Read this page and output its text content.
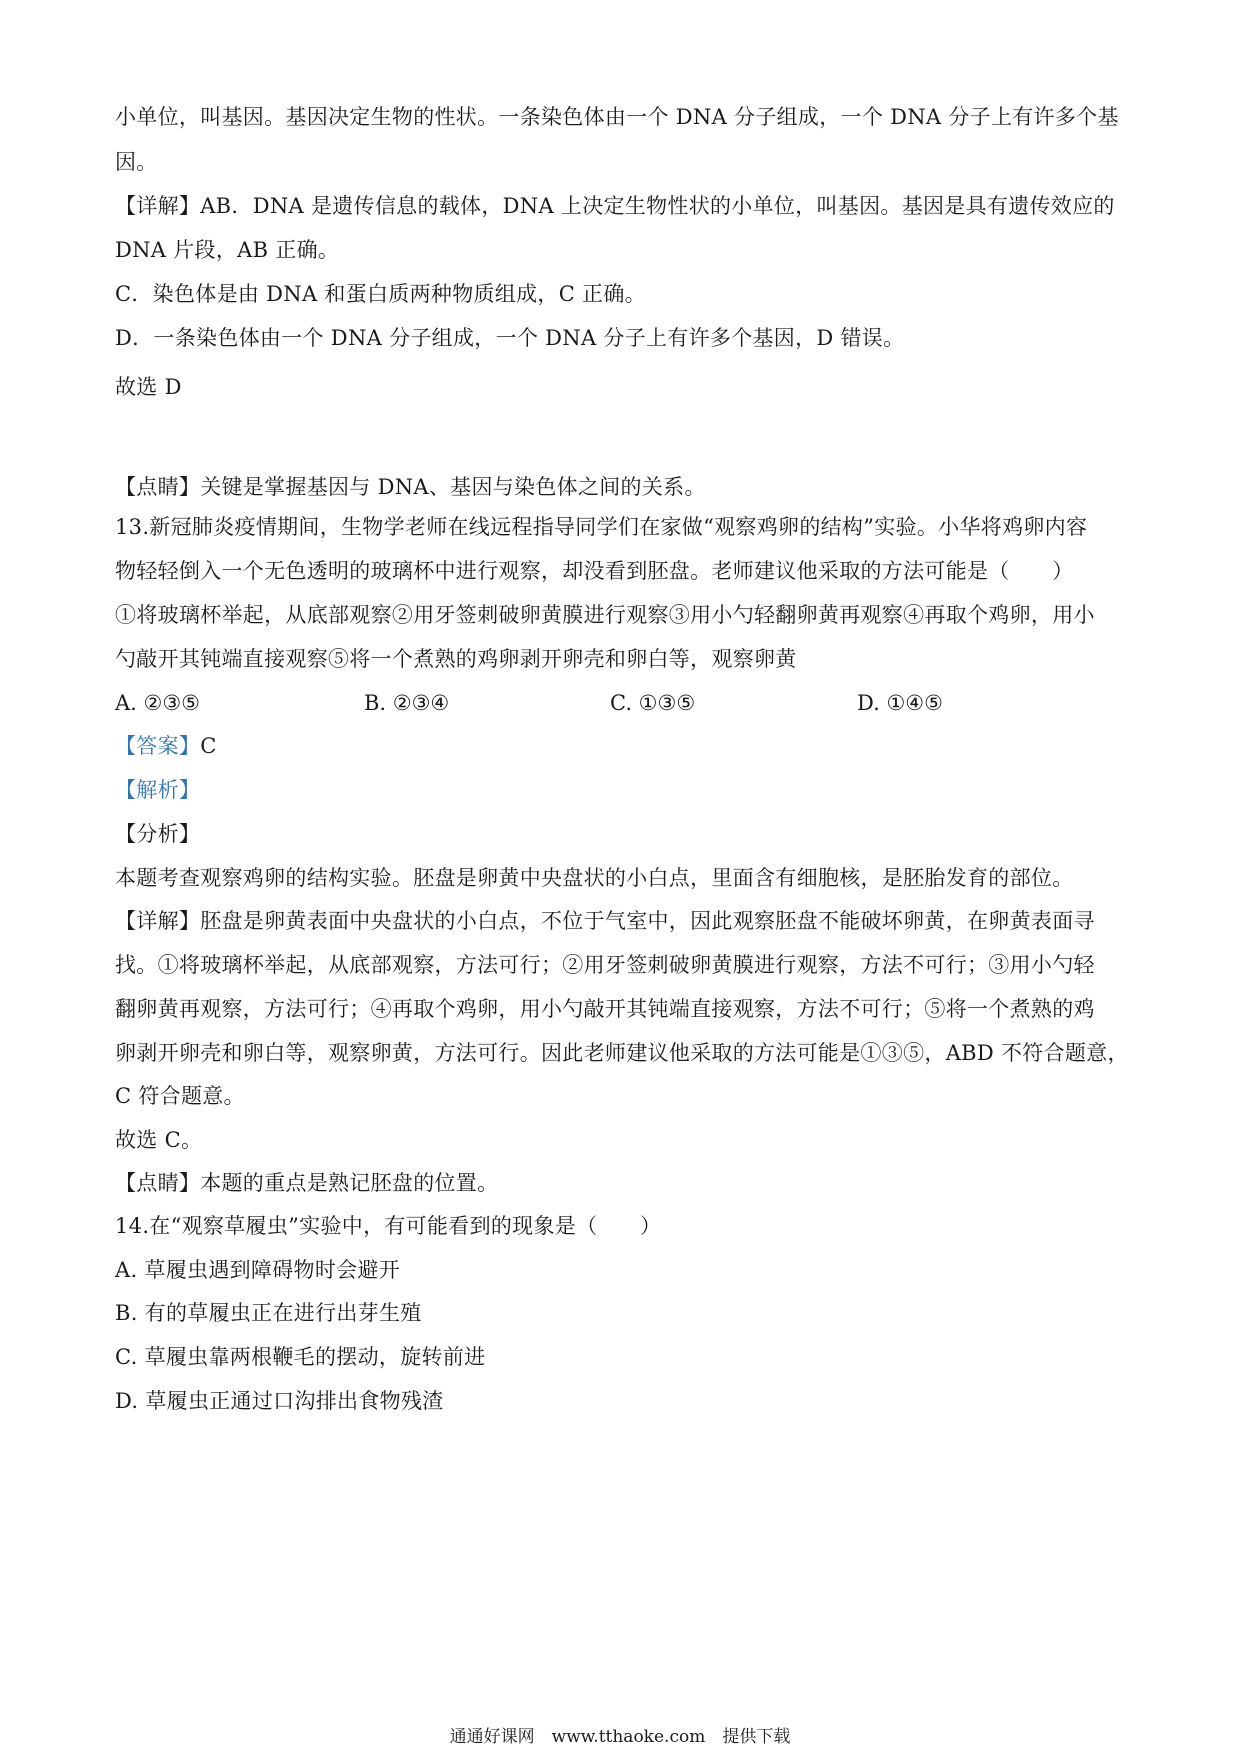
小单位，叫基因。基因决定生物的性状。一条染色体由一个 DNA 分子组成，一个 DNA 分子上有许多个基
因。
【详解】AB．DNA 是遗传信息的载体，DNA 上决定生物性状的小单位，叫基因。基因是具有遗传效应的
DNA 片段，AB 正确。
C．染色体是由 DNA 和蛋白质两种物质组成，C 正确。
D．一条染色体由一个 DNA 分子组成，一个 DNA 分子上有许多个基因，D 错误。
故选 D
【点睛】关键是掌握基因与 DNA、基因与染色体之间的关系。
13.新冠肺炎疫情期间，生物学老师在线远程指导同学们在家做“观察鸡卵的结构”实验。小华将鸡卵内容
物轻轻倒入一个无色透明的玻璃杯中进行观察，却没看到胚盘。老师建议他采取的方法可能是（　　）
①将玻璃杯举起，从底部观察②用牙签刺破卵黄膜进行观察③用小勺轻翻卵黄再观察④再取个鸡卵，用小
勺敲开其钝端直接观察⑤将一个煮熟的鸡卵剥开卵壳和卵白等，观察卵黄
A. ②③⑤	B. ②③④	C. ①③⑤	D. ①④⑤
【答案】C
【解析】
【分析】
本题考查观察鸡卵的结构实验。胚盘是卵黄中央盘状的小白点，里面含有细胞核，是胚胎发育的部位。
【详解】胚盘是卵黄表面中央盘状的小白点，不位于气室中，因此观察胚盘不能破坏卵黄，在卵黄表面寻
找。①将玻璃杯举起，从底部观察，方法可行；②用牙签刺破卵黄膜进行观察，方法不可行；③用小勺轻
翻卵黄再观察，方法可行；④再取个鸡卵，用小勺敲开其钝端直接观察，方法不可行；⑤将一个煮熟的鸡
卵剥开卵壳和卵白等，观察卵黄，方法可行。因此老师建议他采取的方法可能是①③⑤，ABD 不符合题意，
C 符合题意。
故选 C。
【点睛】本题的重点是熟记胚盘的位置。
14.在“观察草履虫”实验中，有可能看到的现象是（　　）
A. 草履虫遇到障碍物时会避开
B. 有的草履虫正在进行出芽生殖
C. 草履虫靠两根鞭毛的摆动，旋转前进
D. 草履虫正通过口沟排出食物残渣
通通好课网　www.tthaoke.com　提供下载
